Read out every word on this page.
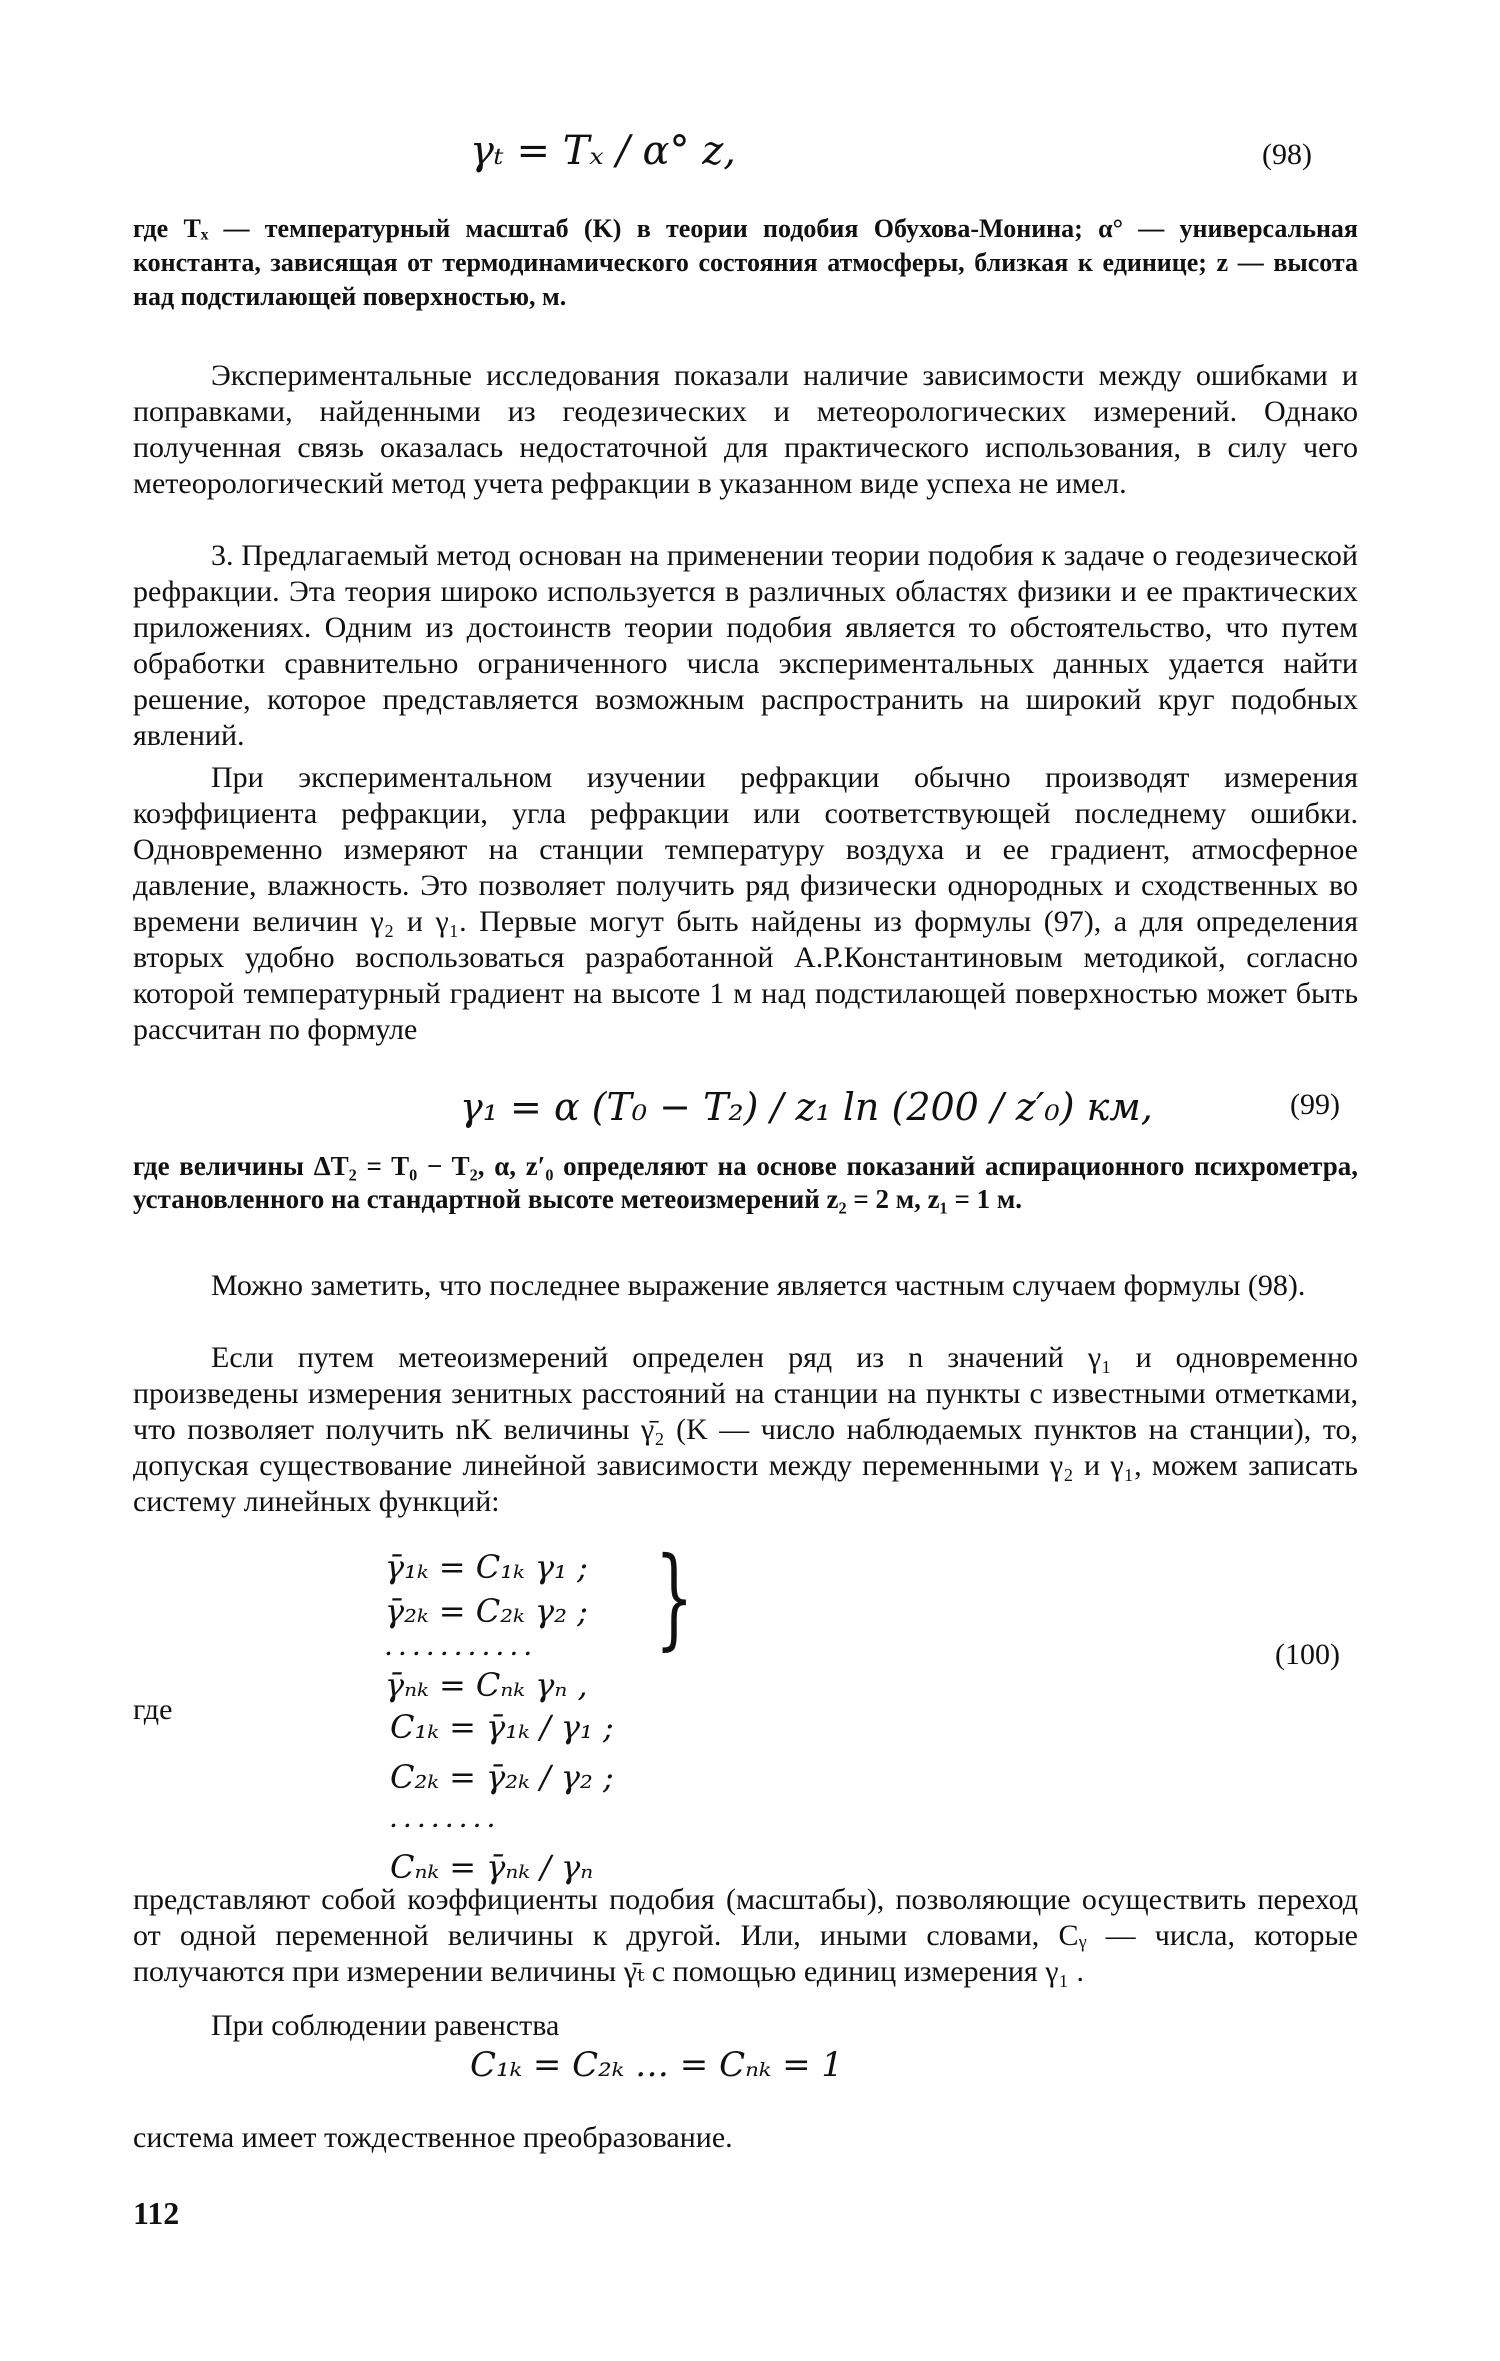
γₜ = Tₓ / α° z,	(98)
где Tₓ — температурный масштаб (K) в теории подобия Обухова-Монина; α° — универсальная константа, зависящая от термодинамического состояния атмосферы, близкая к единице; z — высота над подстилающей поверхностью, м.
Экспериментальные исследования показали наличие зависимости между ошибками и поправками, найденными из геодезических и метеорологических измерений. Однако полученная связь оказалась недостаточной для практического использования, в силу чего метеорологический метод учета рефракции в указанном виде успеха не имел.
3. Предлагаемый метод основан на применении теории подобия к задаче о геодезической рефракции. Эта теория широко используется в различных областях физики и ее практических приложениях. Одним из достоинств теории подобия является то обстоятельство, что путем обработки сравнительно ограниченного числа экспериментальных данных удается найти решение, которое представляется возможным распространить на широкий круг подобных явлений.
При экспериментальном изучении рефракции обычно производят измерения коэффициента рефракции, угла рефракции или соответствующей последнему ошибки. Одновременно измеряют на станции температуру воздуха и ее градиент, атмосферное давление, влажность. Это позволяет получить ряд физически однородных и сходственных во времени величин γ₂ и γ₁. Первые могут быть найдены из формулы (97), а для определения вторых удобно воспользоваться разработанной А.Р.Константиновым методикой, согласно которой температурный градиент на высоте 1 м над подстилающей поверхностью может быть рассчитан по формуле
γ₁ = α (T₀ − T₂) / z₁ ln (200 / z′₀) км,	(99)
где величины ΔT₂ = T₀ − T₂, α, z′₀ определяют на основе показаний аспирационного психрометра, установленного на стандартной высоте метеоизмерений z₂ = 2 м, z₁ = 1 м.
Можно заметить, что последнее выражение является частным случаем формулы (98).
Если путем метеоизмерений определен ряд из n значений γ₁ и одновременно произведены измерения зенитных расстояний на станции на пункты с известными отметками, что позволяет получить nK величины γ̄₂ (K — число наблюдаемых пунктов на станции), то, допуская существование линейной зависимости между переменными γ₂ и γ₁, можем записать систему линейных функций:
γ̄₁ₖ = C₁ₖ γ₁ ;
γ̄₂ₖ = C₂ₖ γ₂ ;
. . . . . . . . . . .
γ̄ₙₖ = Cₙₖ γₙ ,
}	(100)
где	C₁ₖ = γ̄₁ₖ / γ₁ ;
C₂ₖ = γ̄₂ₖ / γ₂ ;
. . . . . . . .
Cₙₖ = γ̄ₙₖ / γₙ
представляют собой коэффициенты подобия (масштабы), позволяющие осуществить переход от одной переменной величины к другой. Или, иными словами, Cᵧ — числа, которые получаются при измерении величины γ̄ₜ с помощью единиц измерения γ₁ .
При соблюдении равенства
C₁ₖ = C₂ₖ … = Cₙₖ = 1
система имеет тождественное преобразование.
112
